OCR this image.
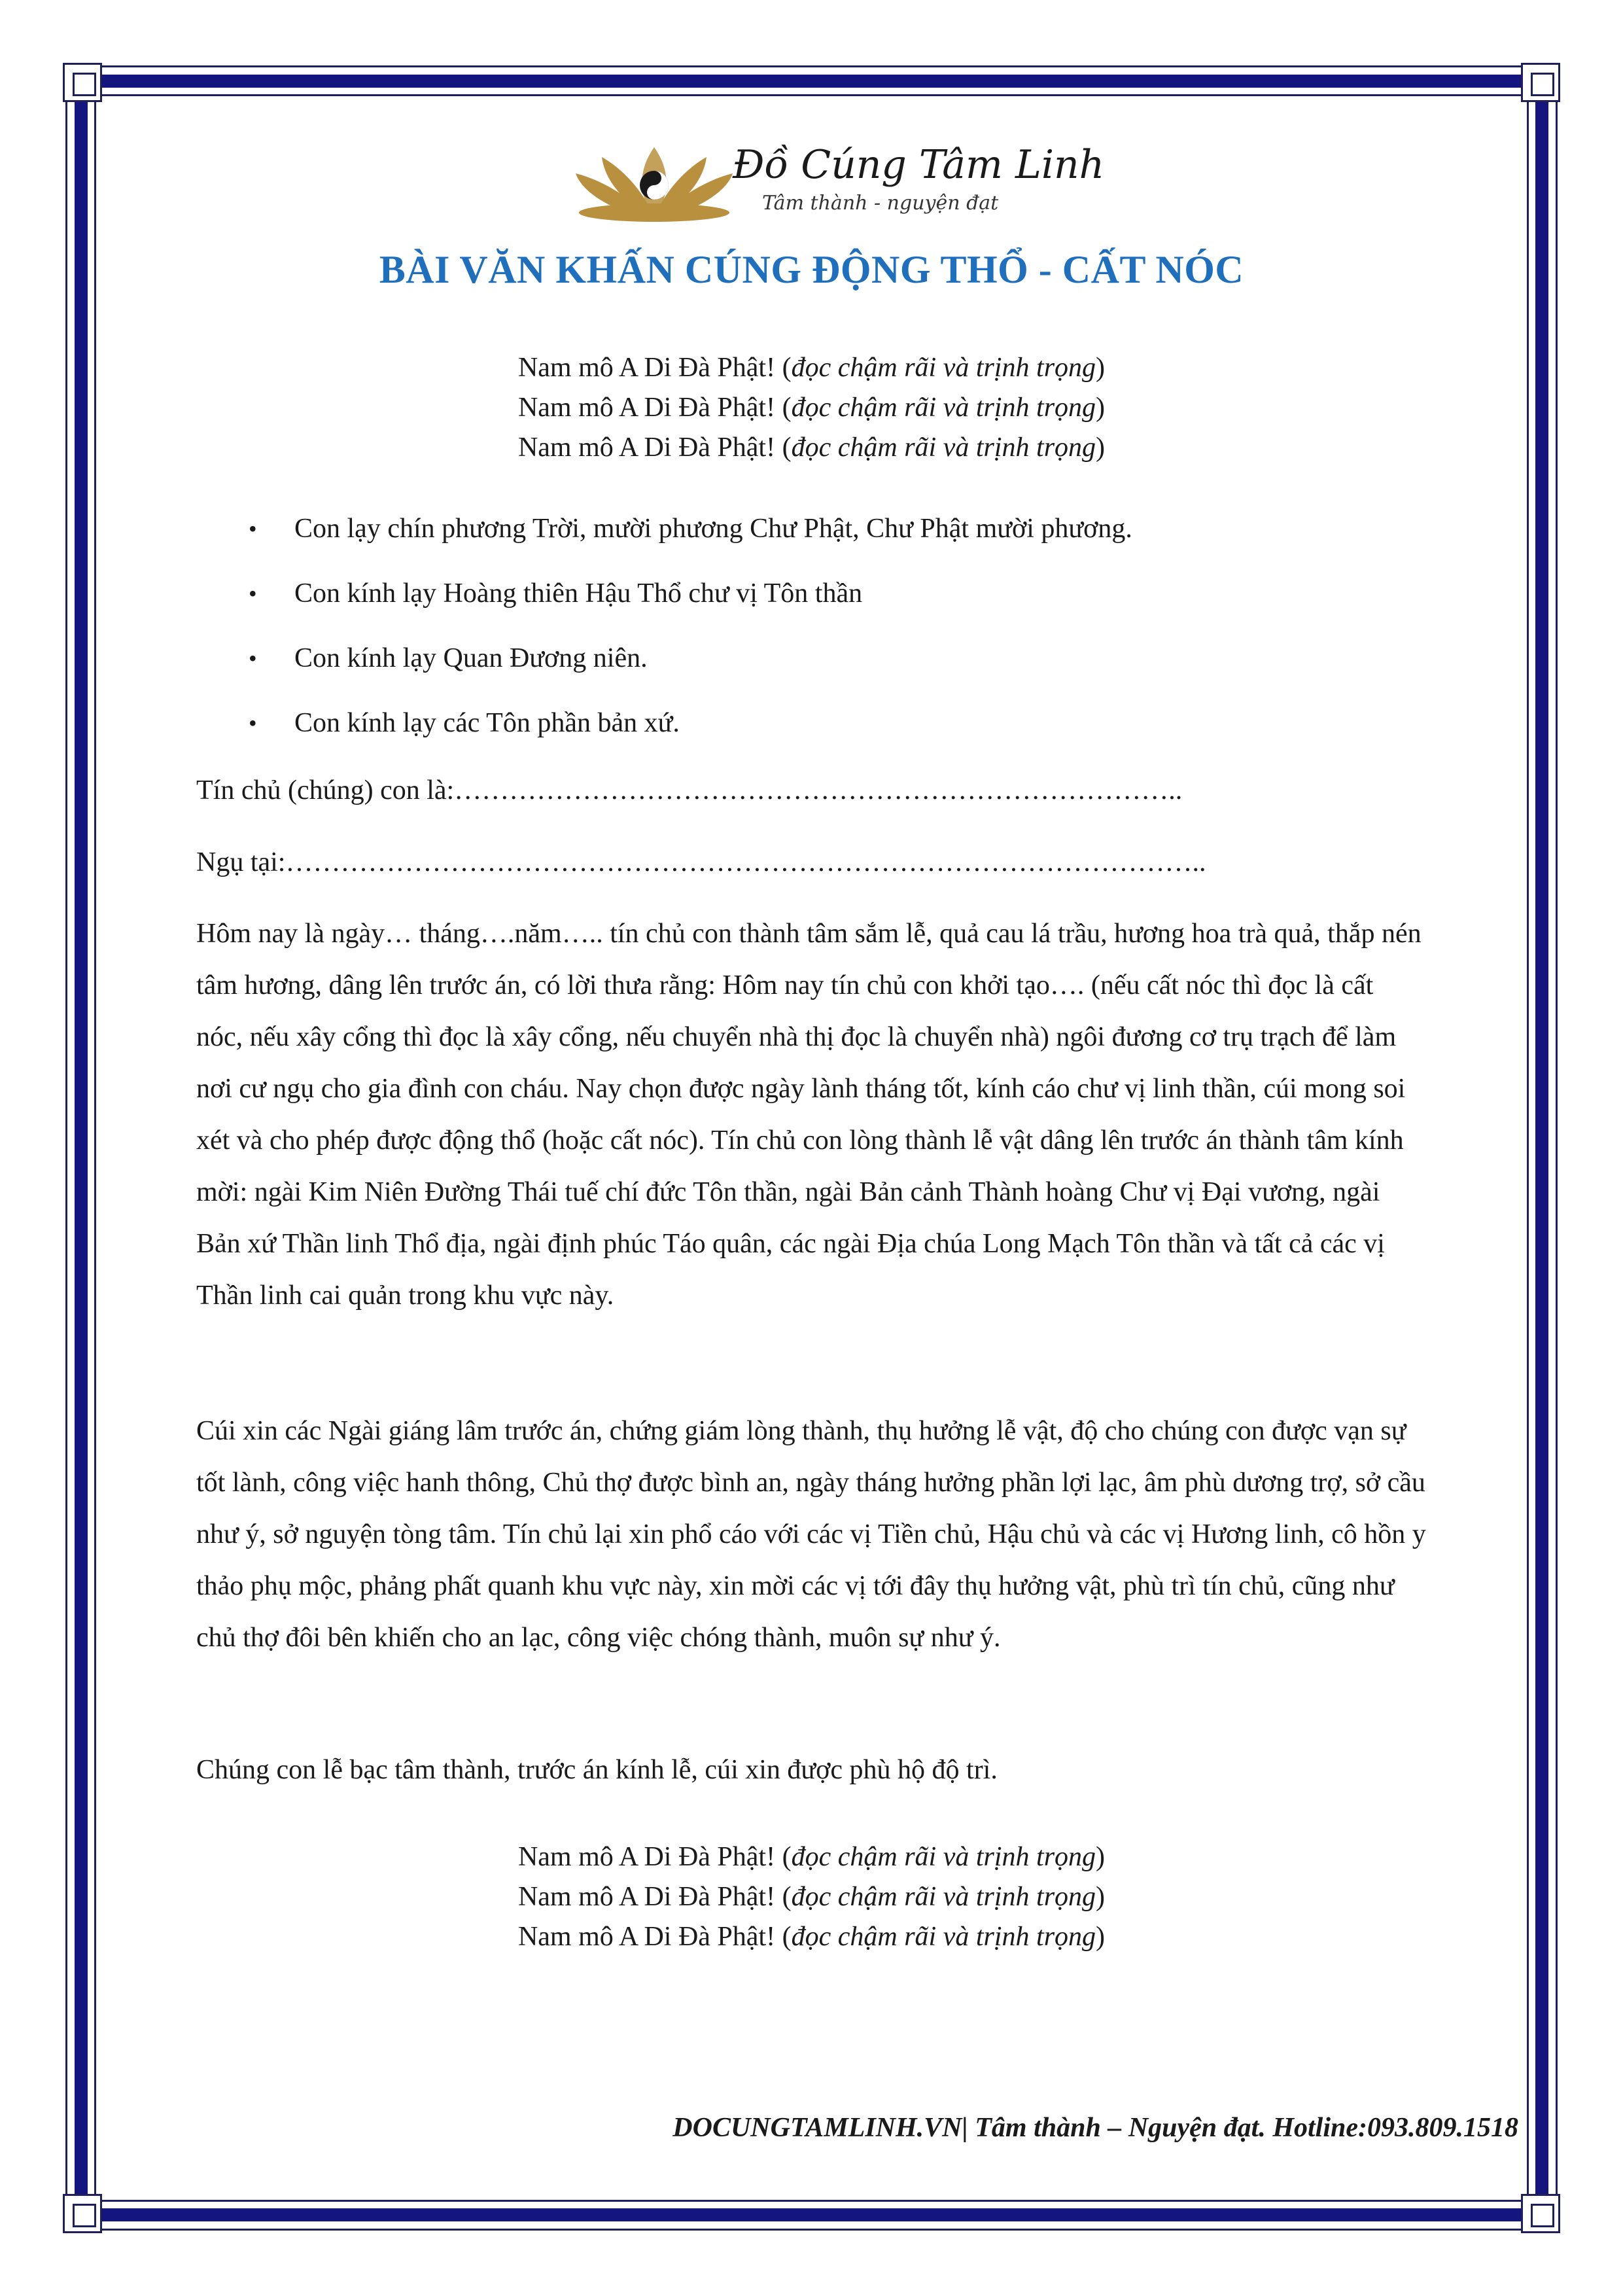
Đồ Cúng Tâm Linh
Tâm thành - nguyện đạt
BÀI VĂN KHẤN CÚNG ĐỘNG THỔ - CẤT NÓC
Nam mô A Di Đà Phật! (đọc chậm rãi và trịnh trọng)
Nam mô A Di Đà Phật! (đọc chậm rãi và trịnh trọng)
Nam mô A Di Đà Phật! (đọc chậm rãi và trịnh trọng)
• Con lạy chín phương Trời, mười phương Chư Phật, Chư Phật mười phương.
• Con kính lạy Hoàng thiên Hậu Thổ chư vị Tôn thần
• Con kính lạy Quan Đương niên.
• Con kính lạy các Tôn phần bản xứ.
Tín chủ (chúng) con là:……………………………………………………………………..
Ngụ tại:………………………………………………………………………………………..

Hôm nay là ngày… tháng….năm….. tín chủ con thành tâm sắm lễ, quả cau lá trầu, hương hoa trà quả, thắp nén tâm hương, dâng lên trước án, có lời thưa rằng: Hôm nay tín chủ con khởi tạo…. (nếu cất nóc thì đọc là cất nóc, nếu xây cổng thì đọc là xây cổng, nếu chuyển nhà thị đọc là chuyển nhà) ngôi đương cơ trụ trạch để làm nơi cư ngụ cho gia đình con cháu. Nay chọn được ngày lành tháng tốt, kính cáo chư vị linh thần, cúi mong soi xét và cho phép được động thổ (hoặc cất nóc). Tín chủ con lòng thành lễ vật dâng lên trước án thành tâm kính mời: ngài Kim Niên Đường Thái tuế chí đức Tôn thần, ngài Bản cảnh Thành hoàng Chư vị Đại vương, ngài Bản xứ Thần linh Thổ địa, ngài định phúc Táo quân, các ngài Địa chúa Long Mạch Tôn thần và tất cả các vị Thần linh cai quản trong khu vực này.

Cúi xin các Ngài giáng lâm trước án, chứng giám lòng thành, thụ hưởng lễ vật, độ cho chúng con được vạn sự tốt lành, công việc hanh thông, Chủ thợ được bình an, ngày tháng hưởng phần lợi lạc, âm phù dương trợ, sở cầu như ý, sở nguyện tòng tâm. Tín chủ lại xin phổ cáo với các vị Tiền chủ, Hậu chủ và các vị Hương linh, cô hồn y thảo phụ mộc, phảng phất quanh khu vực này, xin mời các vị tới đây thụ hưởng vật, phù trì tín chủ, cũng như chủ thợ đôi bên khiến cho an lạc, công việc chóng thành, muôn sự như ý.

Chúng con lễ bạc tâm thành, trước án kính lễ, cúi xin được phù hộ độ trì.

Nam mô A Di Đà Phật! (đọc chậm rãi và trịnh trọng)
Nam mô A Di Đà Phật! (đọc chậm rãi và trịnh trọng)
Nam mô A Di Đà Phật! (đọc chậm rãi và trịnh trọng)
DOCUNGTAMLINH.VN| Tâm thành – Nguyện đạt. Hotline:093.809.1518
